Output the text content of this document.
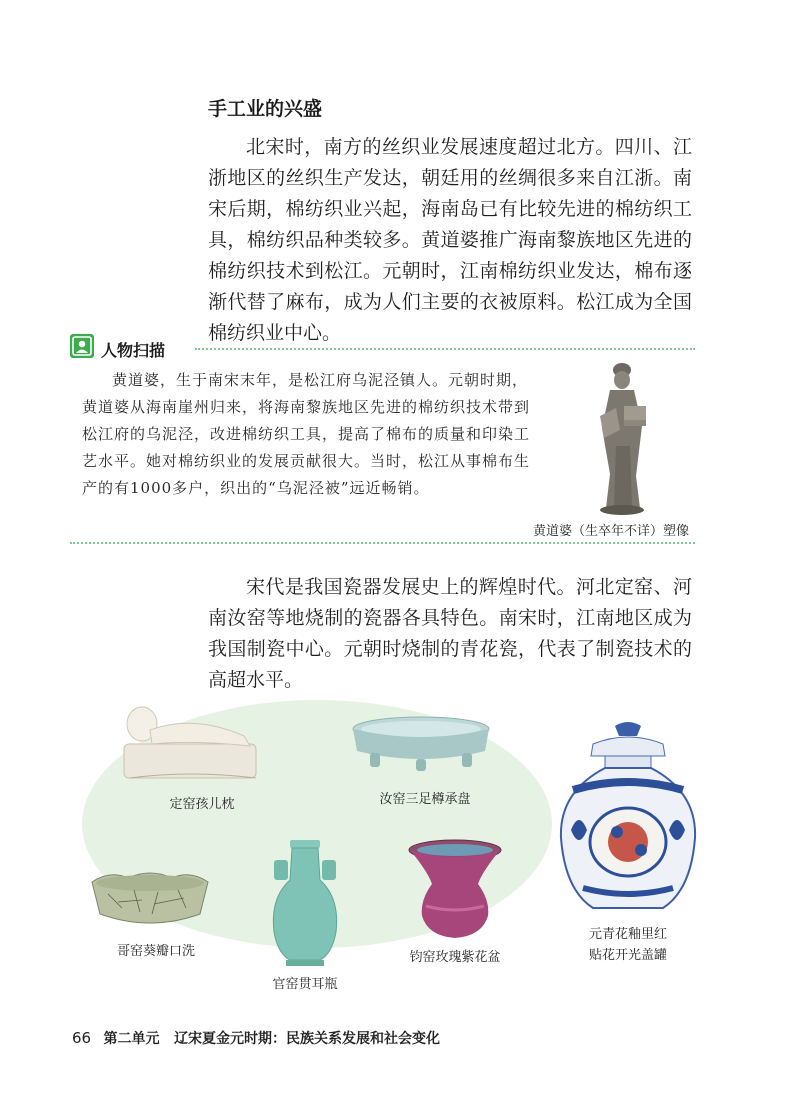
手工业的兴盛
北宋时，南方的丝织业发展速度超过北方。四川、江浙地区的丝织生产发达，朝廷用的丝绸很多来自江浙。南宋后期，棉纺织业兴起，海南岛已有比较先进的棉纺织工具，棉纺织品种类较多。黄道婆推广海南黎族地区先进的棉纺织技术到松江。元朝时，江南棉纺织业发达，棉布逐渐代替了麻布，成为人们主要的衣被原料。松江成为全国棉纺织业中心。
人物扫描
黄道婆，生于南宋末年，是松江府乌泥泾镇人。元朝时期，黄道婆从海南崖州归来，将海南黎族地区先进的棉纺织技术带到松江府的乌泥泾，改进棉纺织工具，提高了棉布的质量和印染工艺水平。她对棉纺织业的发展贡献很大。当时，松江从事棉布生产的有1000多户，织出的“乌泥泾被”远近畅销。
黄道婆（生卒年不详）塑像
宋代是我国瓷器发展史上的辉煌时代。河北定窑、河南汝窑等地烧制的瓷器各具特色。南宋时，江南地区成为我国制瓷中心。元朝时烧制的青花瓷，代表了制瓷技术的高超水平。
定窑孩儿枕	汝窑三足樽承盘
元青花釉里红
贴花开光盖罐
哥窑葵瓣口洗
官窑贯耳瓶
钧窑玫瑰紫花盆
66 第二单元 辽宋夏金元时期：民族关系发展和社会变化
